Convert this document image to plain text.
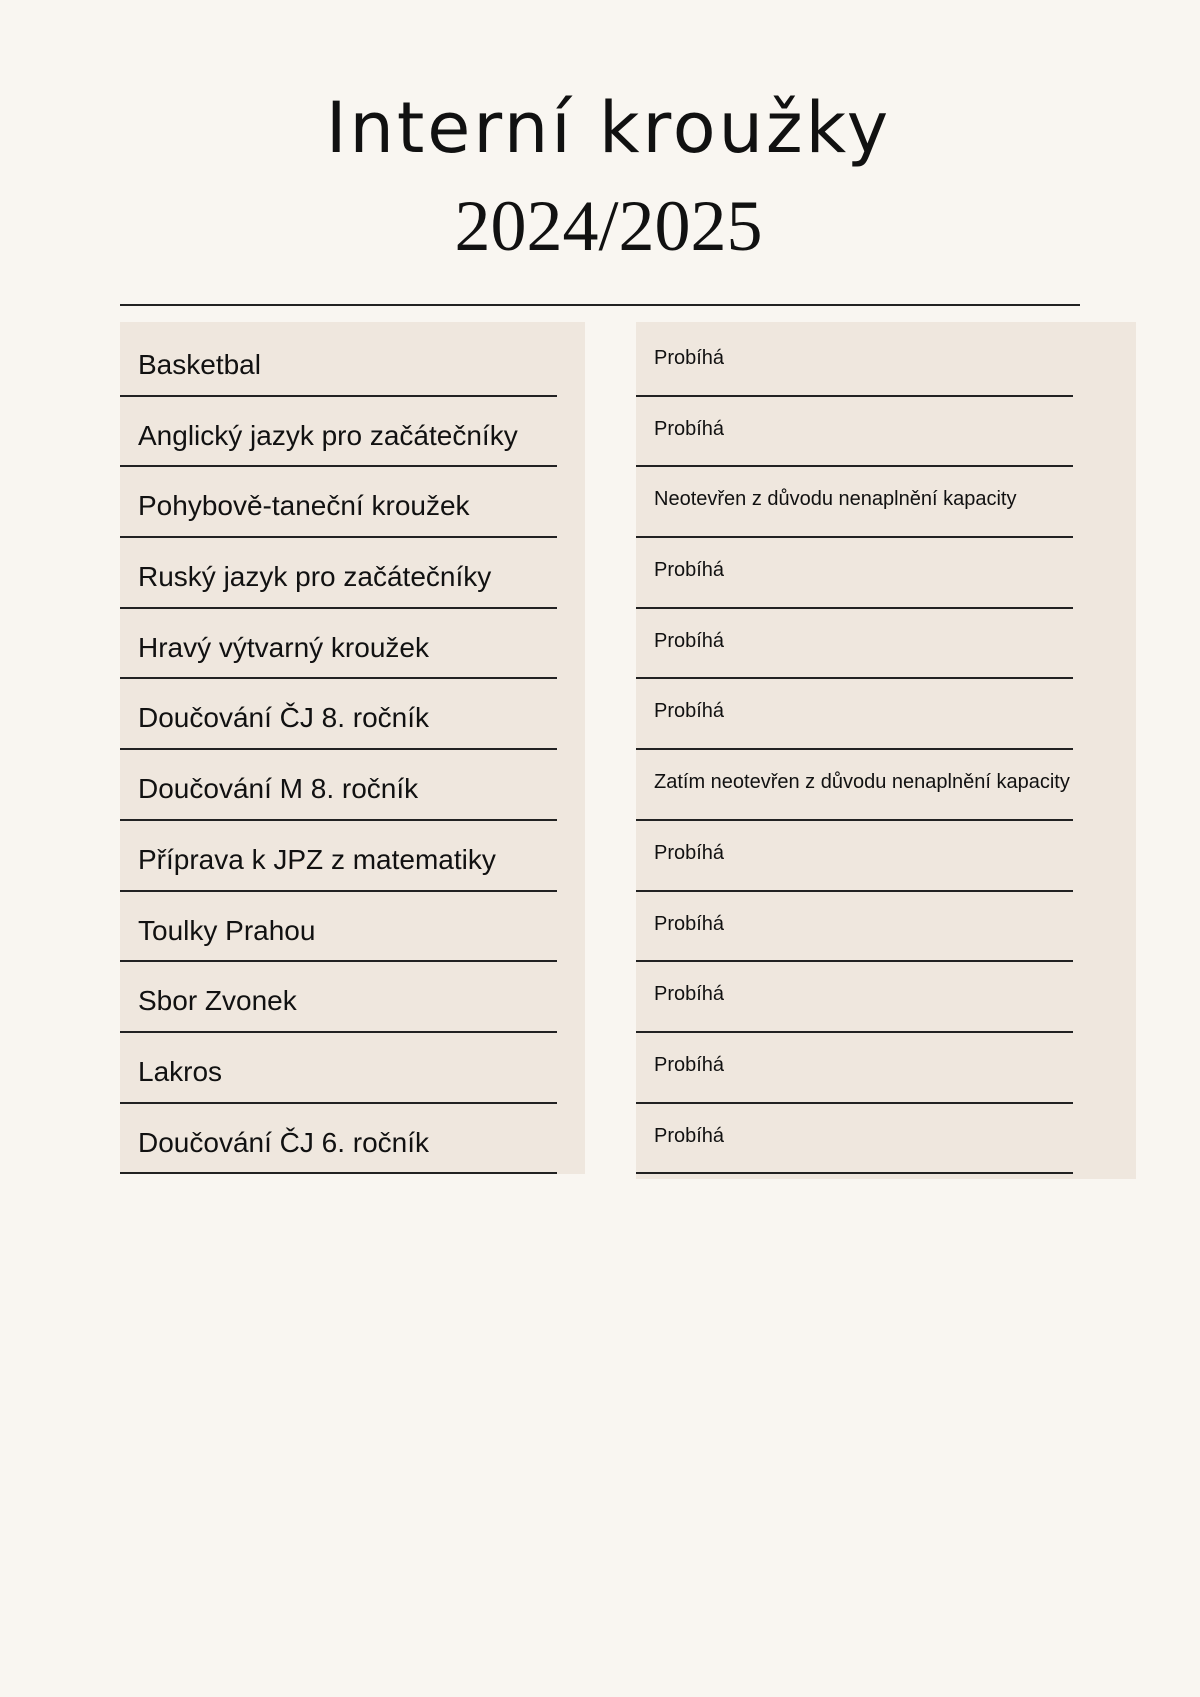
Interní kroužky
2024/2025
Basketbal
Anglický jazyk pro začátečníky
Pohybově-taneční kroužek
Ruský jazyk pro začátečníky
Hravý výtvarný kroužek
Doučování ČJ 8. ročník
Doučování M 8. ročník
Příprava k JPZ z matematiky
Toulky Prahou
Sbor Zvonek
Lakros
Doučování ČJ 6. ročník
Probíhá
Probíhá
Neotevřen z důvodu nenaplnění kapacity
Probíhá
Probíhá
Probíhá
Zatím neotevřen z důvodu nenaplnění kapacity
Probíhá
Probíhá
Probíhá
Probíhá
Probíhá
